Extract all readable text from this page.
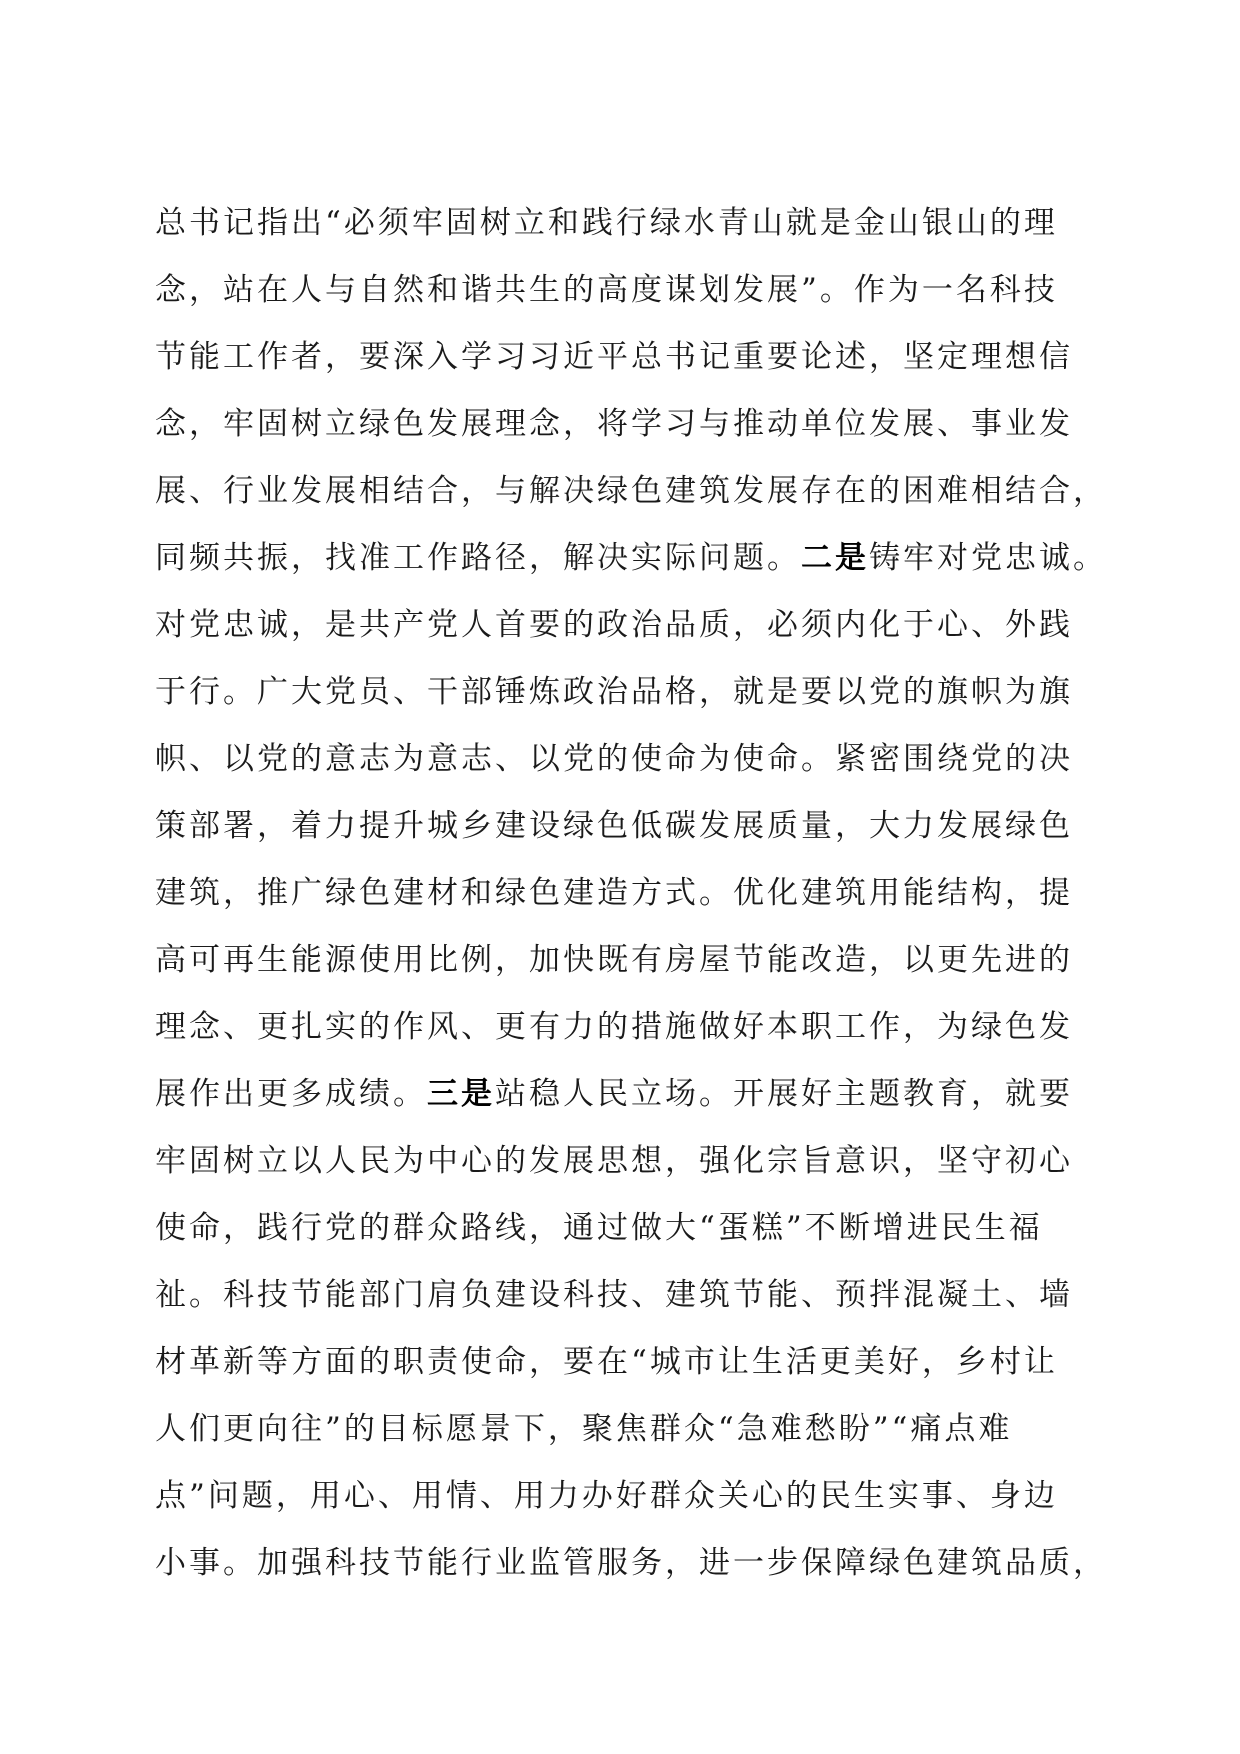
总书记指出“必须牢固树立和践行绿水青山就是金山银山的理
念，站在人与自然和谐共生的高度谋划发展”。作为一名科技
节能工作者，要深入学习习近平总书记重要论述，坚定理想信
念，牢固树立绿色发展理念，将学习与推动单位发展、事业发
展、行业发展相结合，与解决绿色建筑发展存在的困难相结合，
同频共振，找准工作路径，解决实际问题。二是铸牢对党忠诚。
对党忠诚，是共产党人首要的政治品质，必须内化于心、外践
于行。广大党员、干部锤炼政治品格，就是要以党的旗帜为旗
帜、以党的意志为意志、以党的使命为使命。紧密围绕党的决
策部署，着力提升城乡建设绿色低碳发展质量，大力发展绿色
建筑，推广绿色建材和绿色建造方式。优化建筑用能结构，提
高可再生能源使用比例，加快既有房屋节能改造，以更先进的
理念、更扎实的作风、更有力的措施做好本职工作，为绿色发
展作出更多成绩。三是站稳人民立场。开展好主题教育，就要
牢固树立以人民为中心的发展思想，强化宗旨意识，坚守初心
使命，践行党的群众路线，通过做大“蛋糕”不断增进民生福
祉。科技节能部门肩负建设科技、建筑节能、预拌混凝土、墙
材革新等方面的职责使命，要在“城市让生活更美好，乡村让
人们更向往”的目标愿景下，聚焦群众“急难愁盼”“痛点难
点”问题，用心、用情、用力办好群众关心的民生实事、身边
小事。加强科技节能行业监管服务，进一步保障绿色建筑品质，
